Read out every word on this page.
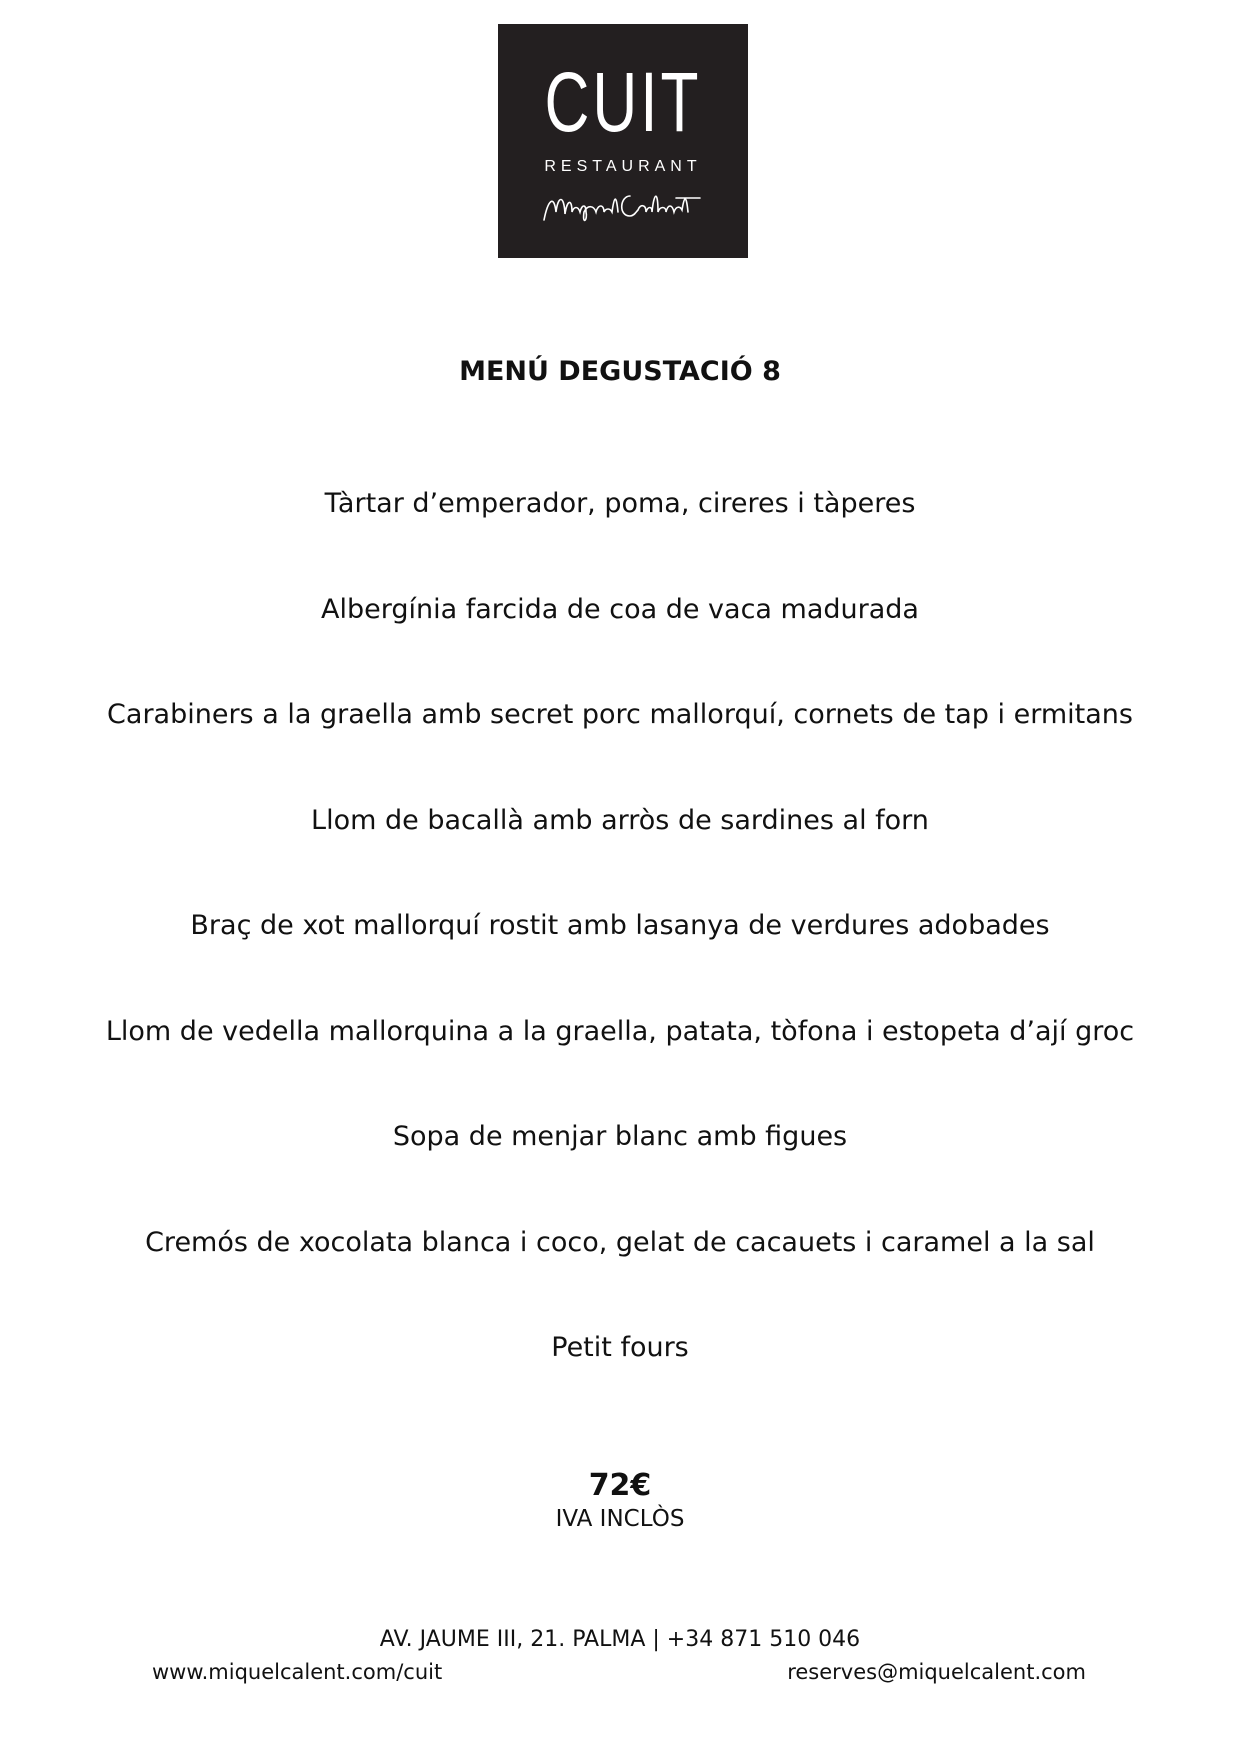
CUIT
RESTAURANT
MENÚ DEGUSTACIÓ 8
Tàrtar d’emperador, poma, cireres i tàperes
Albergínia farcida de coa de vaca madurada
Carabiners a la graella amb secret porc mallorquí, cornets de tap i ermitans
Llom de bacallà amb arròs de sardines al forn
Braç de xot mallorquí rostit amb lasanya de verdures adobades
Llom de vedella mallorquina a la graella, patata, tòfona i estopeta d’ají groc
Sopa de menjar blanc amb figues
Cremós de xocolata blanca i coco, gelat de cacauets i caramel a la sal
Petit fours
72€
IVA INCLÒS
AV. JAUME III, 21. PALMA | +34 871 510 046
www.miquelcalent.com/cuit	reserves@miquelcalent.com
